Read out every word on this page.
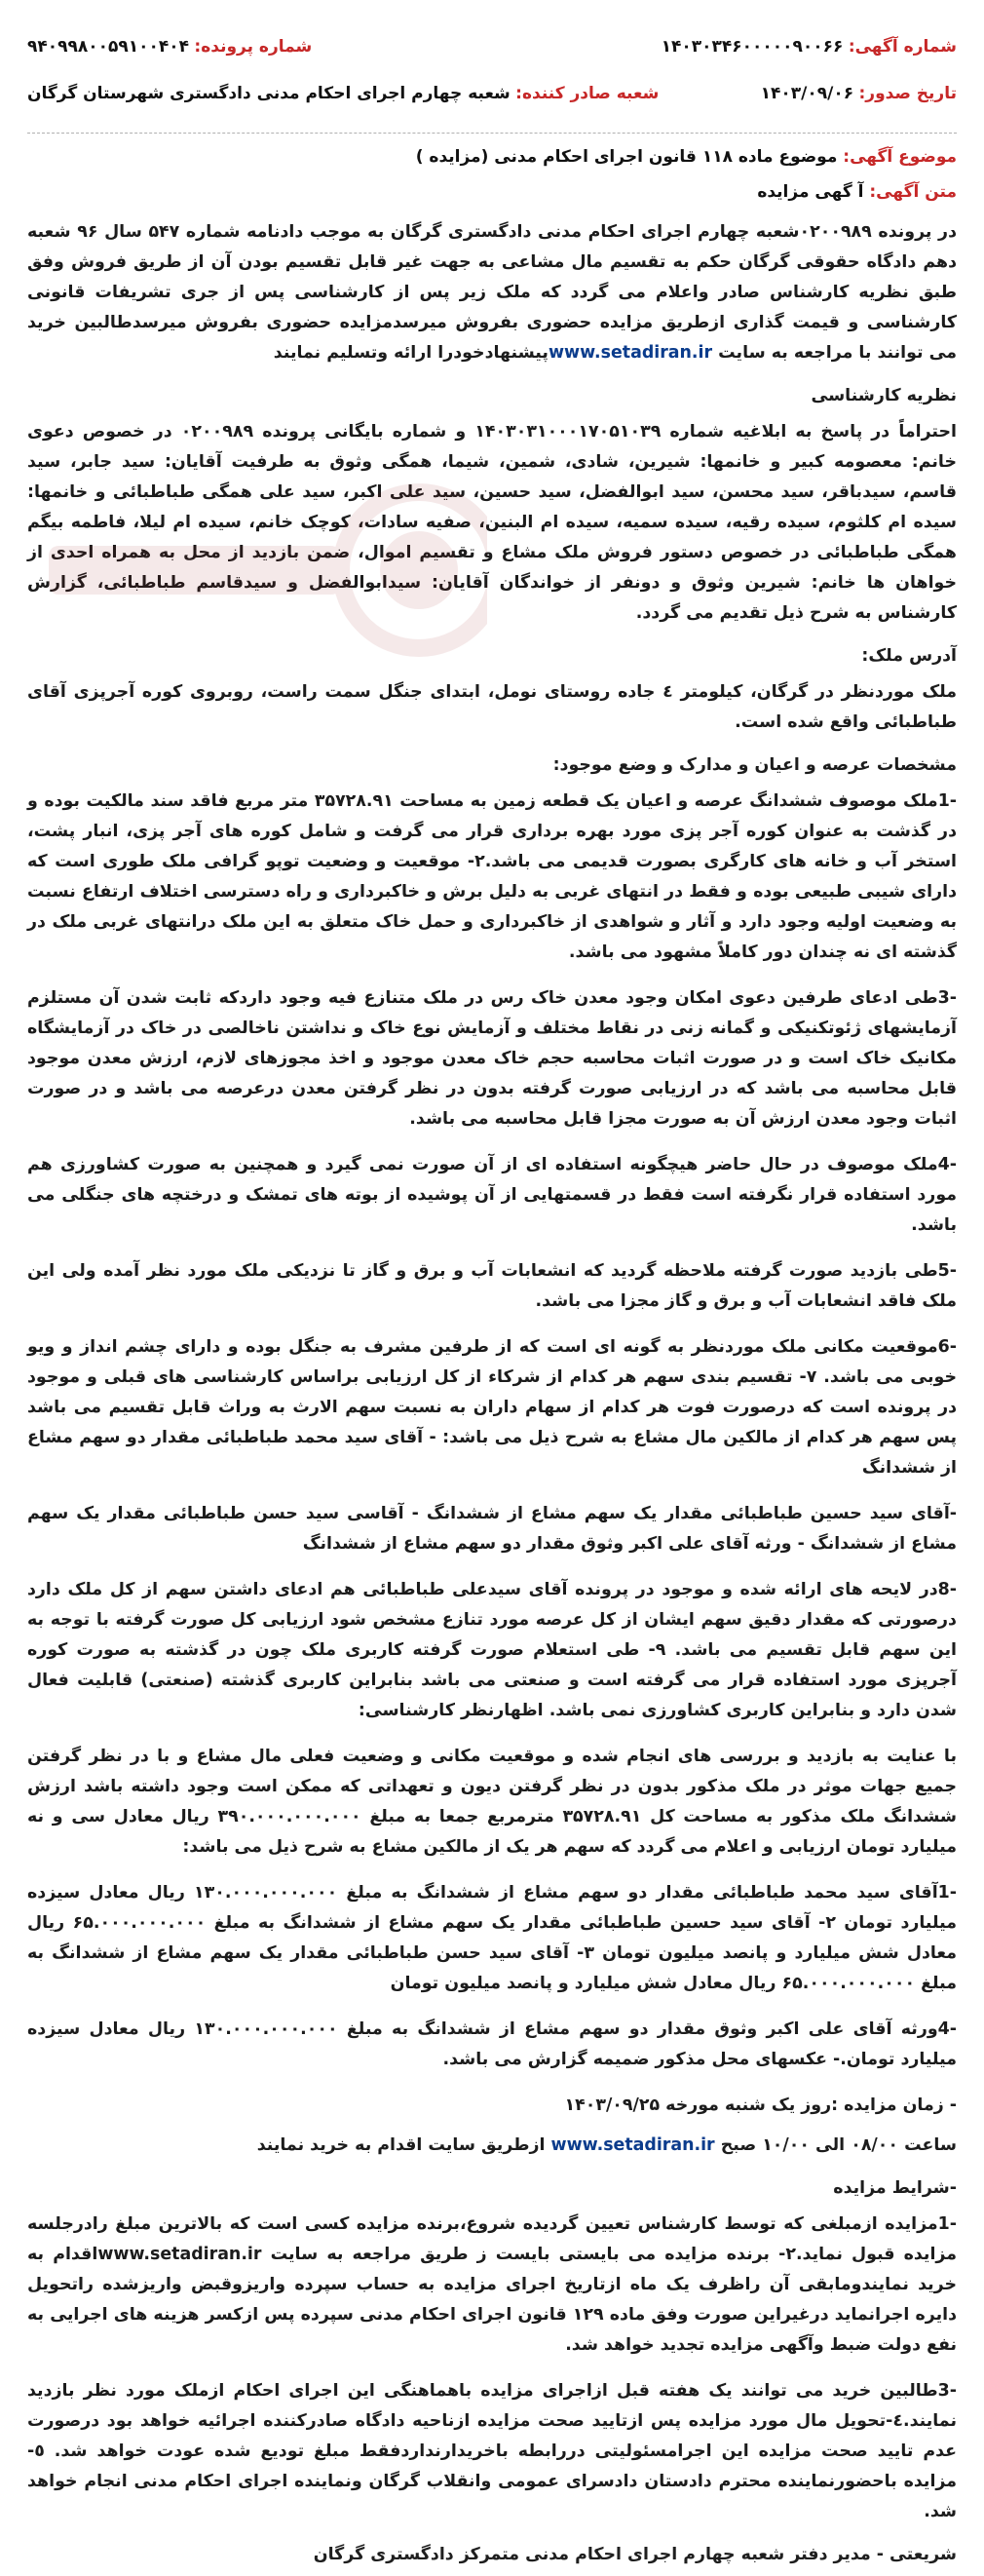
شماره آگهی: ۱۴۰۳۰۳۴۶۰۰۰۰۰۹۰۰۶۶
شماره پرونده: ۹۴۰۹۹۸۰۰۵۹۱۰۰۴۰۴
تاریخ صدور: ۱۴۰۳/۰۹/۰۶
شعبه صادر کننده: شعبه چهارم اجرای احکام مدنی دادگستری شهرستان گرگان
موضوع آگهی: موضوع ماده ۱۱۸ قانون اجرای احکام مدنی (مزایده )
متن آگهی: آ گهی مزایده

در پرونده ۰۲۰۰۹۸۹شعبه چهارم اجرای احکام مدنی دادگستری گرگان به موجب دادنامه شماره ۵۴۷ سال ۹۶ شعبه دهم دادگاه حقوقی گرگان حکم به تقسیم مال مشاعی به جهت غیر قابل تقسیم بودن آن از طریق فروش وفق طبق نظریه کارشناس صادر واعلام می گردد که ملک زیر پس از کارشناسی پس از جری تشریفات قانونی کارشناسی و قیمت گذاری ازطریق مزایده حضوری بفروش میرسدمزایده حضوری بفروش میرسدطالبین خرید می توانند با مراجعه به سایت www.setadiran.irپیشنهادخودرا ارائه وتسلیم نمایند

نظریه کارشناسی

احتراماً در پاسخ به ابلاغیه شماره ۱۴۰۳۰۳۱۰۰۰۱۷۰۵۱۰۳۹ و شماره بایگانی پرونده ۰۲۰۰۹۸۹ در خصوص دعوی خانم: معصومه کبیر و خانمها: شیرین، شادی، شمین، شیما، همگی وثوق به طرفیت آقایان: سید جابر، سید قاسم، سیدباقر، سید محسن، سید ابوالفضل، سید حسین، سید علی اکبر، سید علی همگی طباطبائی و خانمها: سیده ام کلثوم، سیده رقیه، سیده سمیه، سیده ام البنین، صفیه سادات، کوچک خانم، سیده ام لیلا، فاطمه بیگم همگی طباطبائی در خصوص دستور فروش ملک مشاع و تقسیم اموال، ضمن بازدید از محل به همراه احدی از خواهان ها خانم: شیرین وثوق و دونفر از خواندگان آقایان: سیدابوالفضل و سیدقاسم طباطبائی، گزارش کارشناس به شرح ذیل تقدیم می گردد.

آدرس ملک:

ملک موردنظر در گرگان، کیلومتر ٤ جاده روستای نومل، ابتدای جنگل سمت راست، روبروی کوره آجرپزی آقای طباطبائی واقع شده است.

مشخصات عرصه و اعیان و مدارک و وضع موجود:

-1ملک موصوف ششدانگ عرصه و اعیان یک قطعه زمین به مساحت ۳۵۷۲۸.۹۱ متر مربع فاقد سند مالکیت بوده و در گذشت به عنوان کوره آجر پزی مورد بهره برداری قرار می گرفت و شامل کوره های آجر پزی، انبار پشت، استخر آب و خانه های کارگری بصورت قدیمی می باشد.۲- موقعیت و وضعیت توپو گرافی ملک طوری است که دارای شیبی طبیعی بوده و فقط در انتهای غربی به دلیل برش و خاکبرداری و راه دسترسی اختلاف ارتفاع نسبت به وضعیت اولیه وجود دارد و آثار و شواهدی از خاکبرداری و حمل خاک متعلق به این ملک درانتهای غربی ملک در گذشته ای نه چندان دور کاملاً مشهود می باشد.

-3طی ادعای طرفین دعوی امکان وجود معدن خاک رس در ملک متنازع فیه وجود داردکه ثابت شدن آن مستلزم آزمایشهای ژئوتکنیکی و گمانه زنی در نقاط مختلف و آزمایش نوع خاک و نداشتن ناخالصی در خاک در آزمایشگاه مکانیک خاک است و در صورت اثبات محاسبه حجم خاک معدن موجود و اخذ مجوزهای لازم، ارزش معدن موجود قابل محاسبه می باشد که در ارزیابی صورت گرفته بدون در نظر گرفتن معدن درعرصه می باشد و در صورت اثبات وجود معدن ارزش آن به صورت مجزا قابل محاسبه می باشد.

-4ملک موصوف در حال حاضر هیچگونه استفاده ای از آن صورت نمی گیرد و همچنین به صورت کشاورزی هم مورد استفاده قرار نگرفته است فقط در قسمتهایی از آن پوشیده از بوته های تمشک و درختچه های جنگلی می باشد.

-5طی بازدید صورت گرفته ملاحظه گردید که انشعابات آب و برق و گاز تا نزدیکی ملک مورد نظر آمده ولی این ملک فاقد انشعابات آب و برق و گاز مجزا می باشد.

-6موقعیت مکانی ملک موردنظر به گونه ای است که از طرفین مشرف به جنگل بوده و دارای چشم انداز و ویو خوبی می باشد. ۷- تقسیم بندی سهم هر کدام از شرکاء از کل ارزیابی براساس کارشناسی های قبلی و موجود در پرونده است که درصورت فوت هر کدام از سهام داران به نسبت سهم الارث به وراث قابل تقسیم می باشد پس سهم هر کدام از مالکین مال مشاع به شرح ذیل می باشد: - آقای سید محمد طباطبائی مقدار دو سهم مشاع از ششدانگ

-آقای سید حسین طباطبائی مقدار یک سهم مشاع از ششدانگ - آقاسی سید حسن طباطبائی مقدار یک سهم مشاع از ششدانگ - ورثه آقای علی اکبر وثوق مقدار دو سهم مشاع از ششدانگ

-8در لایحه های ارائه شده و موجود در پرونده آقای سیدعلی طباطبائی هم ادعای داشتن سهم از کل ملک دارد درصورتی که مقدار دقیق سهم ایشان از کل عرصه مورد تنازع مشخص شود ارزیابی کل صورت گرفته با توجه به این سهم قابل تقسیم می باشد. ۹- طی استعلام صورت گرفته کاربری ملک چون در گذشته به صورت کوره آجرپزی مورد استفاده قرار می گرفته است و صنعتی می باشد بنابراین کاربری گذشته (صنعتی) قابلیت فعال شدن دارد و بنابراین کاربری کشاورزی نمی باشد. اظهارنظر کارشناسی:

با عنایت به بازدید و بررسی های انجام شده و موقعیت مکانی و وضعیت فعلی مال مشاع و با در نظر گرفتن جمیع جهات موثر در ملک مذکور بدون در نظر گرفتن دیون و تعهداتی که ممکن است وجود داشته باشد ارزش ششدانگ ملک مذکور به مساحت کل ۳۵۷۲۸.۹۱ مترمربع جمعا به مبلغ ۳۹۰.۰۰۰.۰۰۰.۰۰۰ ریال معادل سی و نه میلیارد تومان ارزیابی و اعلام می گردد که سهم هر یک از مالکین مشاع به شرح ذیل می باشد:

-1آقای سید محمد طباطبائی مقدار دو سهم مشاع از ششدانگ به مبلغ ۱۳۰.۰۰۰.۰۰۰.۰۰۰ ریال معادل سیزده میلیارد تومان ۲- آقای سید حسین طباطبائی مقدار یک سهم مشاع از ششدانگ به مبلغ ۶۵.۰۰۰.۰۰۰.۰۰۰ ریال معادل شش میلیارد و پانصد میلیون تومان ۳- آقای سید حسن طباطبائی مقدار یک سهم مشاع از ششدانگ به مبلغ ۶۵.۰۰۰.۰۰۰.۰۰۰ ریال معادل شش میلیارد و پانصد میلیون تومان

-4ورثه آقای علی اکبر وثوق مقدار دو سهم مشاع از ششدانگ به مبلغ ۱۳۰.۰۰۰.۰۰۰.۰۰۰ ریال معادل سیزده میلیارد تومان.- عکسهای محل مذکور ضمیمه گزارش می باشد.

- زمان مزایده :روز یک شنبه مورخه ۱۴۰۳/۰۹/۲۵

ساعت ۰۸/۰۰ الی ۱۰/۰۰ صبح www.setadiran.ir ازطریق سایت اقدام به خرید نمایند

-شرایط مزایده

-1مزایده ازمبلغی که توسط کارشناس تعیین گردیده شروع،برنده مزایده کسی است که بالاترین مبلغ رادرجلسه مزایده قبول نماید.۲- برنده مزایده می بایستی بایست ز طریق مراجعه به سایت www.setadiran.irاقدام به خرید نمایندومابقی آن راظرف یک ماه ازتاریخ اجرای مزایده به حساب سپرده واریزوقبض واریزشده راتحویل دایره اجرانماید درغیراین صورت وفق ماده ۱۲۹ قانون اجرای احکام مدنی سپرده پس ازکسر هزینه های اجرایی به نفع دولت ضبط وآگهی مزایده تجدید خواهد شد.

-3طالبین خرید می توانند یک هفته قبل ازاجرای مزایده باهماهنگی این اجرای احکام ازملک مورد نظر بازدید نمایند.٤-تحویل مال مورد مزایده پس ازتایید صحت مزایده ازناحیه دادگاه صادرکننده اجرائیه خواهد بود درصورت عدم تایید صحت مزایده این اجرامسئولیتی دررابطه باخریدارنداردفقط مبلغ تودیع شده عودت خواهد شد. ٥- مزایده باحضورنماینده محترم دادستان دادسرای عمومی وانقلاب گرگان ونماینده اجرای احکام مدنی انجام خواهد شد.

شریعتی - مدیر دفتر شعبه چهارم اجرای احکام مدنی متمرکز دادگستری گرگان
